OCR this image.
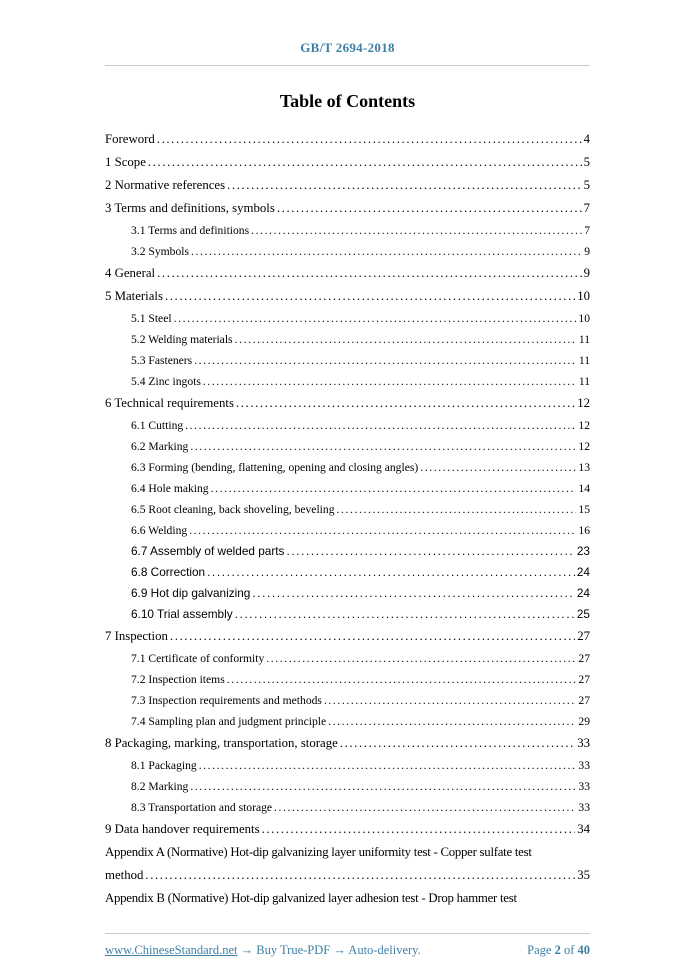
GB/T 2694-2018
Table of Contents
Foreword .....	4
1 Scope .....	5
2 Normative references .....	5
3 Terms and definitions, symbols .....	7
3.1 Terms and definitions .....	7
3.2 Symbols .....	9
4 General .....	9
5 Materials .....	10
5.1 Steel .....	10
5.2 Welding materials .....	11
5.3 Fasteners .....	11
5.4 Zinc ingots .....	11
6 Technical requirements .....	12
6.1 Cutting .....	12
6.2 Marking .....	12
6.3 Forming (bending, flattening, opening and closing angles) .....	13
6.4 Hole making .....	14
6.5 Root cleaning, back shoveling, beveling .....	15
6.6 Welding .....	16
6.7 Assembly of welded parts .....	23
6.8 Correction .....	24
6.9 Hot dip galvanizing .....	24
6.10 Trial assembly .....	25
7 Inspection .....	27
7.1 Certificate of conformity .....	27
7.2 Inspection items .....	27
7.3 Inspection requirements and methods .....	27
7.4 Sampling plan and judgment principle .....	29
8 Packaging, marking, transportation, storage .....	33
8.1 Packaging .....	33
8.2 Marking .....	33
8.3 Transportation and storage .....	33
9 Data handover requirements .....	34
Appendix A (Normative) Hot-dip galvanizing layer uniformity test - Copper sulfate test
method .....	35
Appendix B (Normative) Hot-dip galvanized layer adhesion test - Drop hammer test
www.ChineseStandard.net → Buy True-PDF → Auto-delivery.	Page 2 of 40
